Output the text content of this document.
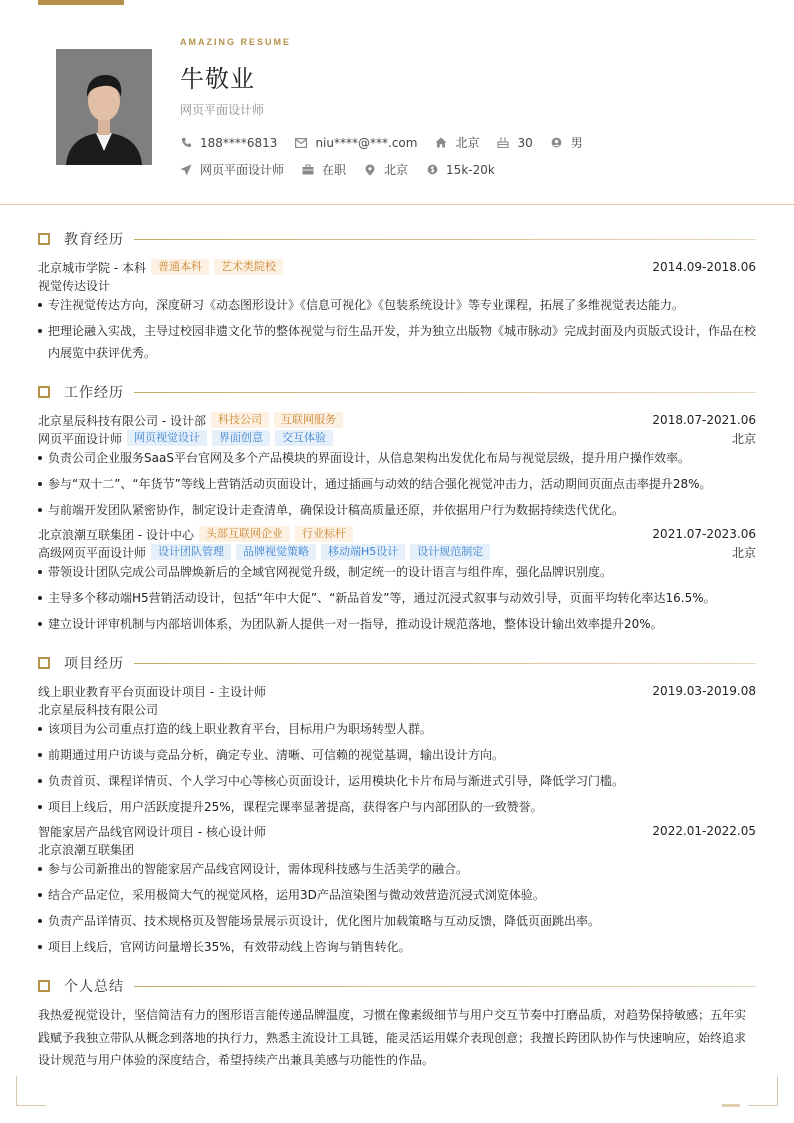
AMAZING RESUME
牛敬业
网页平面设计师
188****6813	niu****@***.com	北京	30	男
网页平面设计师	在职	北京	15k-20k
教育经历
北京城市学院 - 本科	普通本科	艺术类院校	2014.09-2018.06
视觉传达设计
专注视觉传达方向，深度研习《动态图形设计》《信息可视化》《包装系统设计》等专业课程，拓展了多维视觉表达能力。
把理论融入实战，主导过校园非遗文化节的整体视觉与衍生品开发，并为独立出版物《城市脉动》完成封面及内页版式设计，作品在校内展览中获评优秀。
工作经历
北京星辰科技有限公司 - 设计部	科技公司	互联网服务	2018.07-2021.06
网页平面设计师	网页视觉设计	界面创意	交互体验	北京
负责公司企业服务SaaS平台官网及多个产品模块的界面设计，从信息架构出发优化布局与视觉层级，提升用户操作效率。
参与“双十二”、“年货节”等线上营销活动页面设计，通过插画与动效的结合强化视觉冲击力，活动期间页面点击率提升28%。
与前端开发团队紧密协作，制定设计走查清单，确保设计稿高质量还原，并依据用户行为数据持续迭代优化。
北京浪潮互联集团 - 设计中心	头部互联网企业	行业标杆	2021.07-2023.06
高级网页平面设计师	设计团队管理	品牌视觉策略	移动端H5设计	设计规范制定	北京
带领设计团队完成公司品牌焕新后的全域官网视觉升级，制定统一的设计语言与组件库，强化品牌识别度。
主导多个移动端H5营销活动设计，包括“年中大促”、“新品首发”等，通过沉浸式叙事与动效引导，页面平均转化率达16.5%。
建立设计评审机制与内部培训体系，为团队新人提供一对一指导，推动设计规范落地，整体设计输出效率提升20%。
项目经历
线上职业教育平台页面设计项目 - 主设计师	2019.03-2019.08
北京星辰科技有限公司
该项目为公司重点打造的线上职业教育平台，目标用户为职场转型人群。
前期通过用户访谈与竞品分析，确定专业、清晰、可信赖的视觉基调，输出设计方向。
负责首页、课程详情页、个人学习中心等核心页面设计，运用模块化卡片布局与渐进式引导，降低学习门槛。
项目上线后，用户活跃度提升25%，课程完课率显著提高，获得客户与内部团队的一致赞誉。
智能家居产品线官网设计项目 - 核心设计师	2022.01-2022.05
北京浪潮互联集团
参与公司新推出的智能家居产品线官网设计，需体现科技感与生活美学的融合。
结合产品定位，采用极简大气的视觉风格，运用3D产品渲染图与微动效营造沉浸式浏览体验。
负责产品详情页、技术规格页及智能场景展示页设计，优化图片加载策略与互动反馈，降低页面跳出率。
项目上线后，官网访问量增长35%，有效带动线上咨询与销售转化。
个人总结
我热爱视觉设计，坚信简洁有力的图形语言能传递品牌温度，习惯在像素级细节与用户交互节奏中打磨品质，对趋势保持敏感；五年实
践赋予我独立带队从概念到落地的执行力，熟悉主流设计工具链，能灵活运用媒介表现创意；我擅长跨团队协作与快速响应，始终追求
设计规范与用户体验的深度结合，希望持续产出兼具美感与功能性的作品。
